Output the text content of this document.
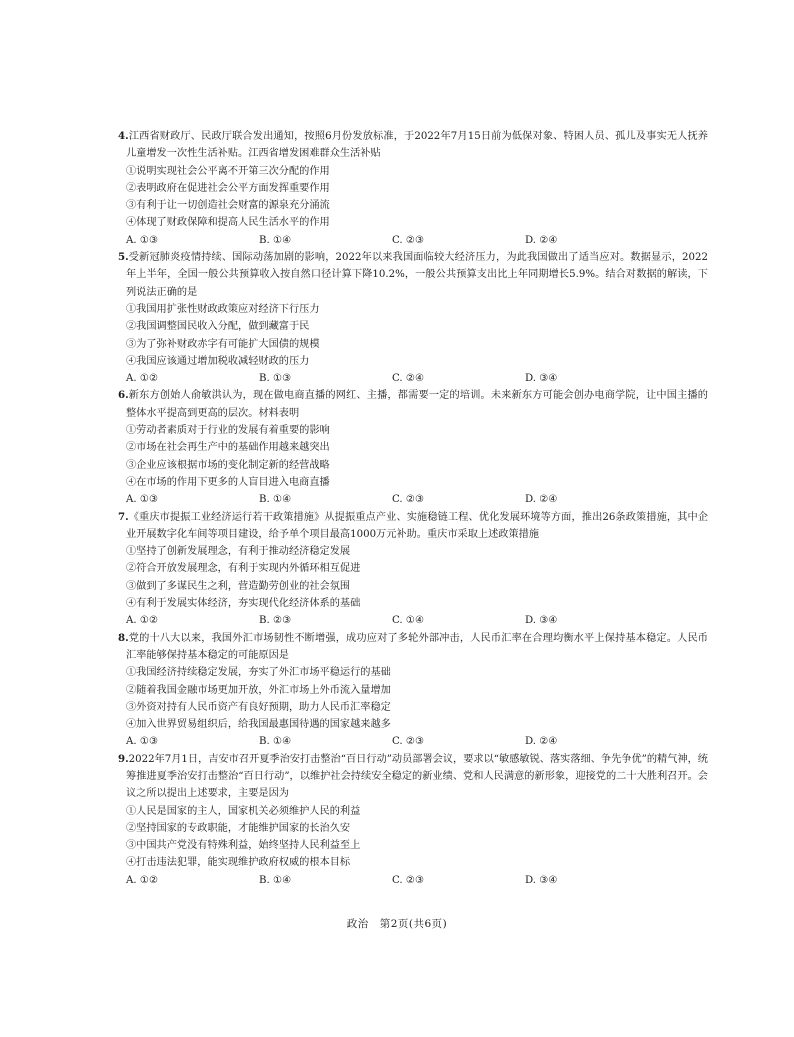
4.江西省财政厅、民政厅联合发出通知，按照6月份发放标准，于2022年7月15日前为低保对象、特困人员、孤儿及事实无人抚养儿童增发一次性生活补贴。江西省增发困难群众生活补贴
①说明实现社会公平离不开第三次分配的作用
②表明政府在促进社会公平方面发挥重要作用
③有利于让一切创造社会财富的源泉充分涌流
④体现了财政保障和提高人民生活水平的作用
A. ①③	B. ①④	C. ②③	D. ②④
5.受新冠肺炎疫情持续、国际动荡加剧的影响，2022年以来我国面临较大经济压力，为此我国做出了适当应对。数据显示，2022年上半年，全国一般公共预算收入按自然口径计算下降10.2%，一般公共预算支出比上年同期增长5.9%。结合对数据的解读，下列说法正确的是
①我国用扩张性财政政策应对经济下行压力
②我国调整国民收入分配，做到藏富于民
③为了弥补财政赤字有可能扩大国债的规模
④我国应该通过增加税收减轻财政的压力
A. ①②	B. ①③	C. ②④	D. ③④
6.新东方创始人俞敏洪认为，现在做电商直播的网红、主播，都需要一定的培训。未来新东方可能会创办电商学院，让中国主播的整体水平提高到更高的层次。材料表明
①劳动者素质对于行业的发展有着重要的影响
②市场在社会再生产中的基础作用越来越突出
③企业应该根据市场的变化制定新的经营战略
④在市场的作用下更多的人盲目进入电商直播
A. ①③	B. ①④	C. ②③	D. ②④
7.《重庆市提振工业经济运行若干政策措施》从提振重点产业、实施稳链工程、优化发展环境等方面，推出26条政策措施，其中企业开展数字化车间等项目建设，给予单个项目最高1000万元补助。重庆市采取上述政策措施
①坚持了创新发展理念，有利于推动经济稳定发展
②符合开放发展理念，有利于实现内外循环相互促进
③做到了多谋民生之利，营造勤劳创业的社会氛围
④有利于发展实体经济，夯实现代化经济体系的基础
A. ①②	B. ②③	C. ①④	D. ③④
8.党的十八大以来，我国外汇市场韧性不断增强，成功应对了多轮外部冲击，人民币汇率在合理均衡水平上保持基本稳定。人民币汇率能够保持基本稳定的可能原因是
①我国经济持续稳定发展，夯实了外汇市场平稳运行的基础
②随着我国金融市场更加开放，外汇市场上外币流入量增加
③外资对持有人民币资产有良好预期，助力人民币汇率稳定
④加入世界贸易组织后，给我国最惠国待遇的国家越来越多
A. ①③	B. ①④	C. ②③	D. ②④
9.2022年7月1日，吉安市召开夏季治安打击整治“百日行动”动员部署会议，要求以“敏感敏锐、落实落细、争先争优”的精气神，统筹推进夏季治安打击整治“百日行动”，以维护社会持续安全稳定的新业绩、党和人民满意的新形象，迎接党的二十大胜利召开。会议之所以提出上述要求，主要是因为
①人民是国家的主人，国家机关必须维护人民的利益
②坚持国家的专政职能，才能维护国家的长治久安
③中国共产党没有特殊利益，始终坚持人民利益至上
④打击违法犯罪，能实现维护政府权威的根本目标
A. ①②	B. ①④	C. ②③	D. ③④
政治　第2页(共6页)
